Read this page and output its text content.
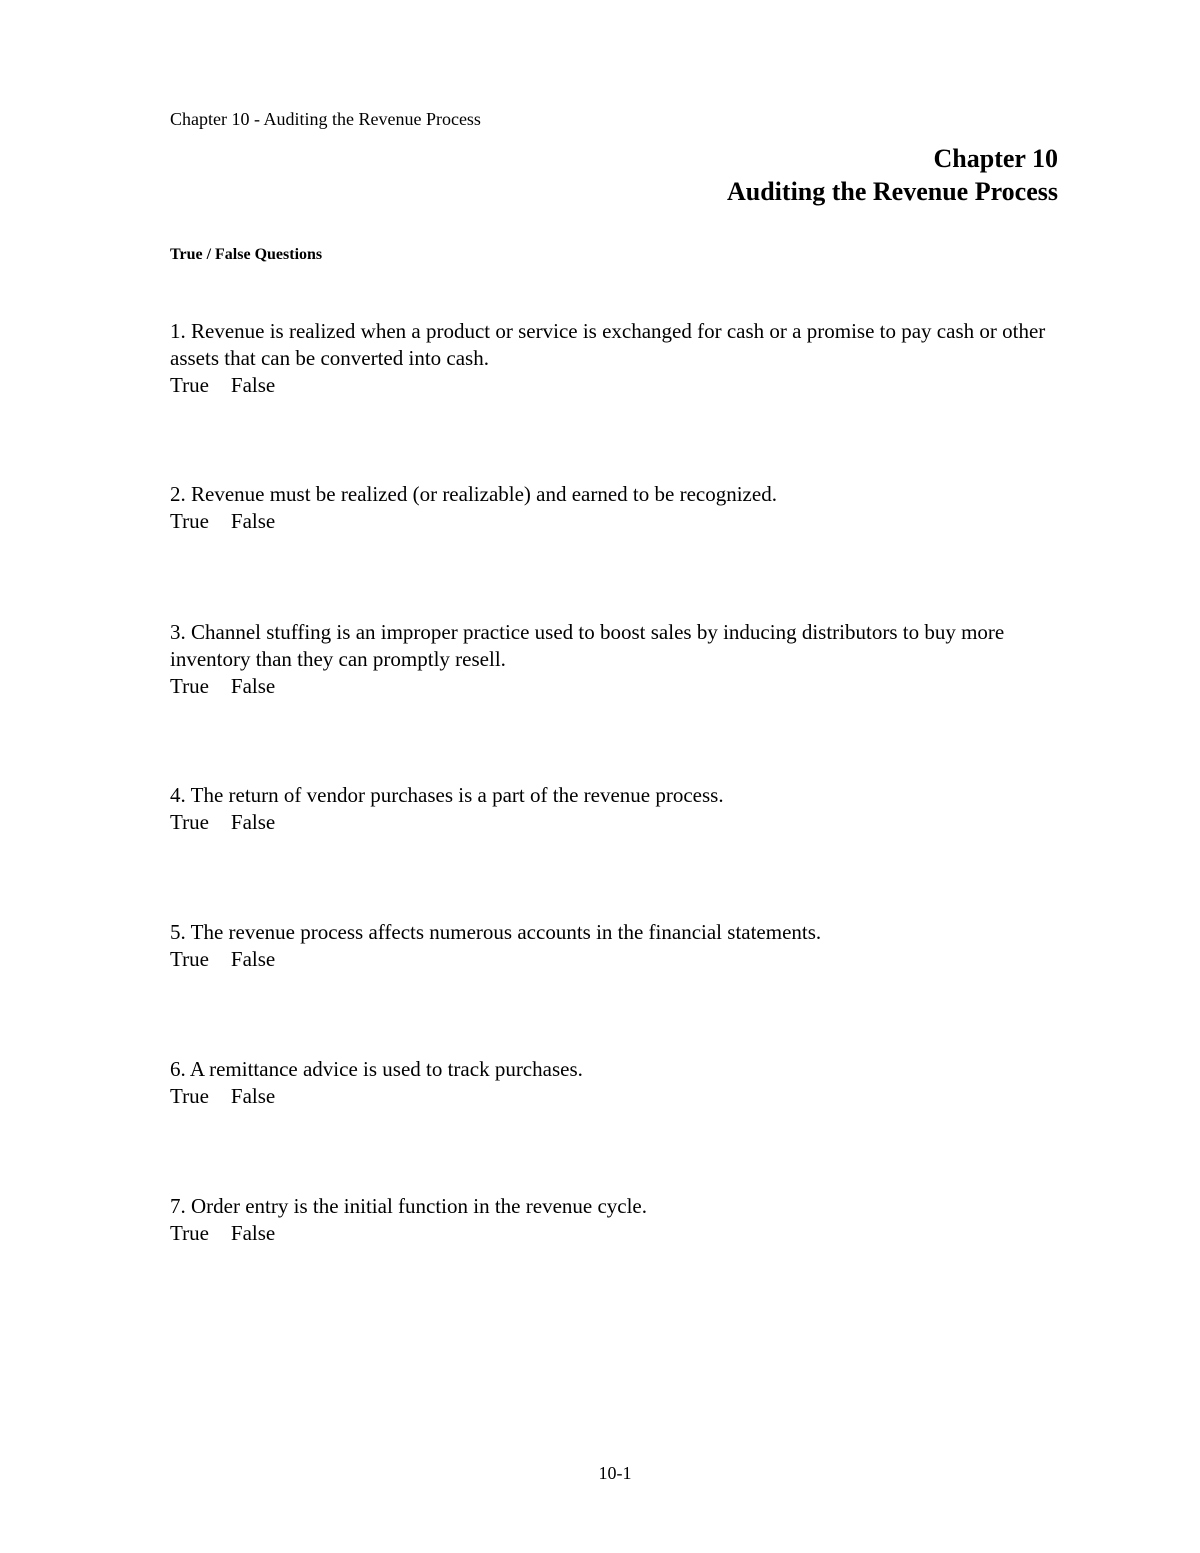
Chapter 10 - Auditing the Revenue Process
Chapter 10
Auditing the Revenue Process
True / False Questions
1. Revenue is realized when a product or service is exchanged for cash or a promise to pay cash or other assets that can be converted into cash.
True False
2. Revenue must be realized (or realizable) and earned to be recognized.
True False
3. Channel stuffing is an improper practice used to boost sales by inducing distributors to buy more inventory than they can promptly resell.
True False
4. The return of vendor purchases is a part of the revenue process.
True False
5. The revenue process affects numerous accounts in the financial statements.
True False
6. A remittance advice is used to track purchases.
True False
7. Order entry is the initial function in the revenue cycle.
True False
10-1
